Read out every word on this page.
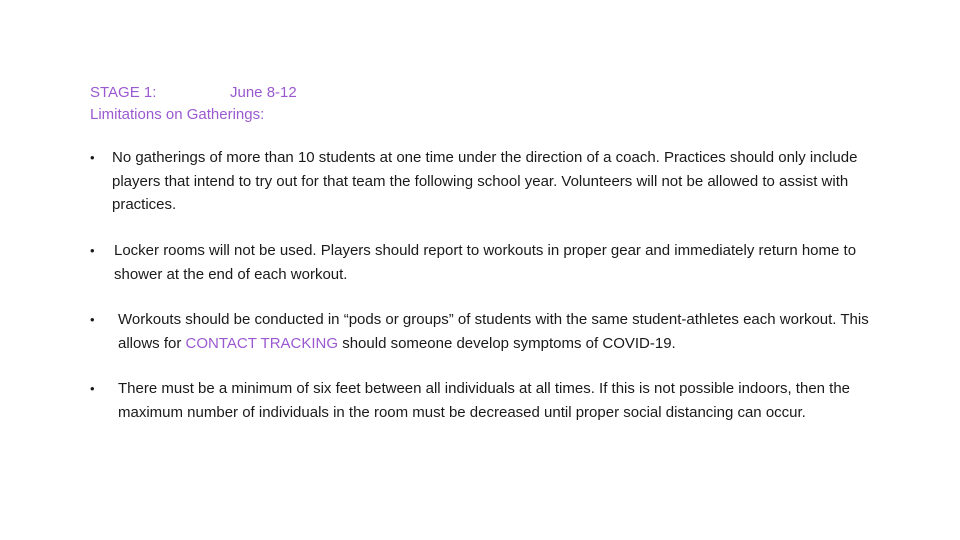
STAGE 1:	June 8-12
Limitations on Gatherings:
• No gatherings of more than 10 students at one time under the direction of a coach. Practices should only include players that intend to try out for that team the following school year. Volunteers will not be allowed to assist with practices.
• Locker rooms will not be used. Players should report to workouts in proper gear and immediately return home to shower at the end of each workout.
• Workouts should be conducted in “pods or groups” of students with the same student-athletes each workout. This allows for CONTACT TRACKING should someone develop symptoms of COVID-19.
• There must be a minimum of six feet between all individuals at all times. If this is not possible indoors, then the maximum number of individuals in the room must be decreased until proper social distancing can occur.
